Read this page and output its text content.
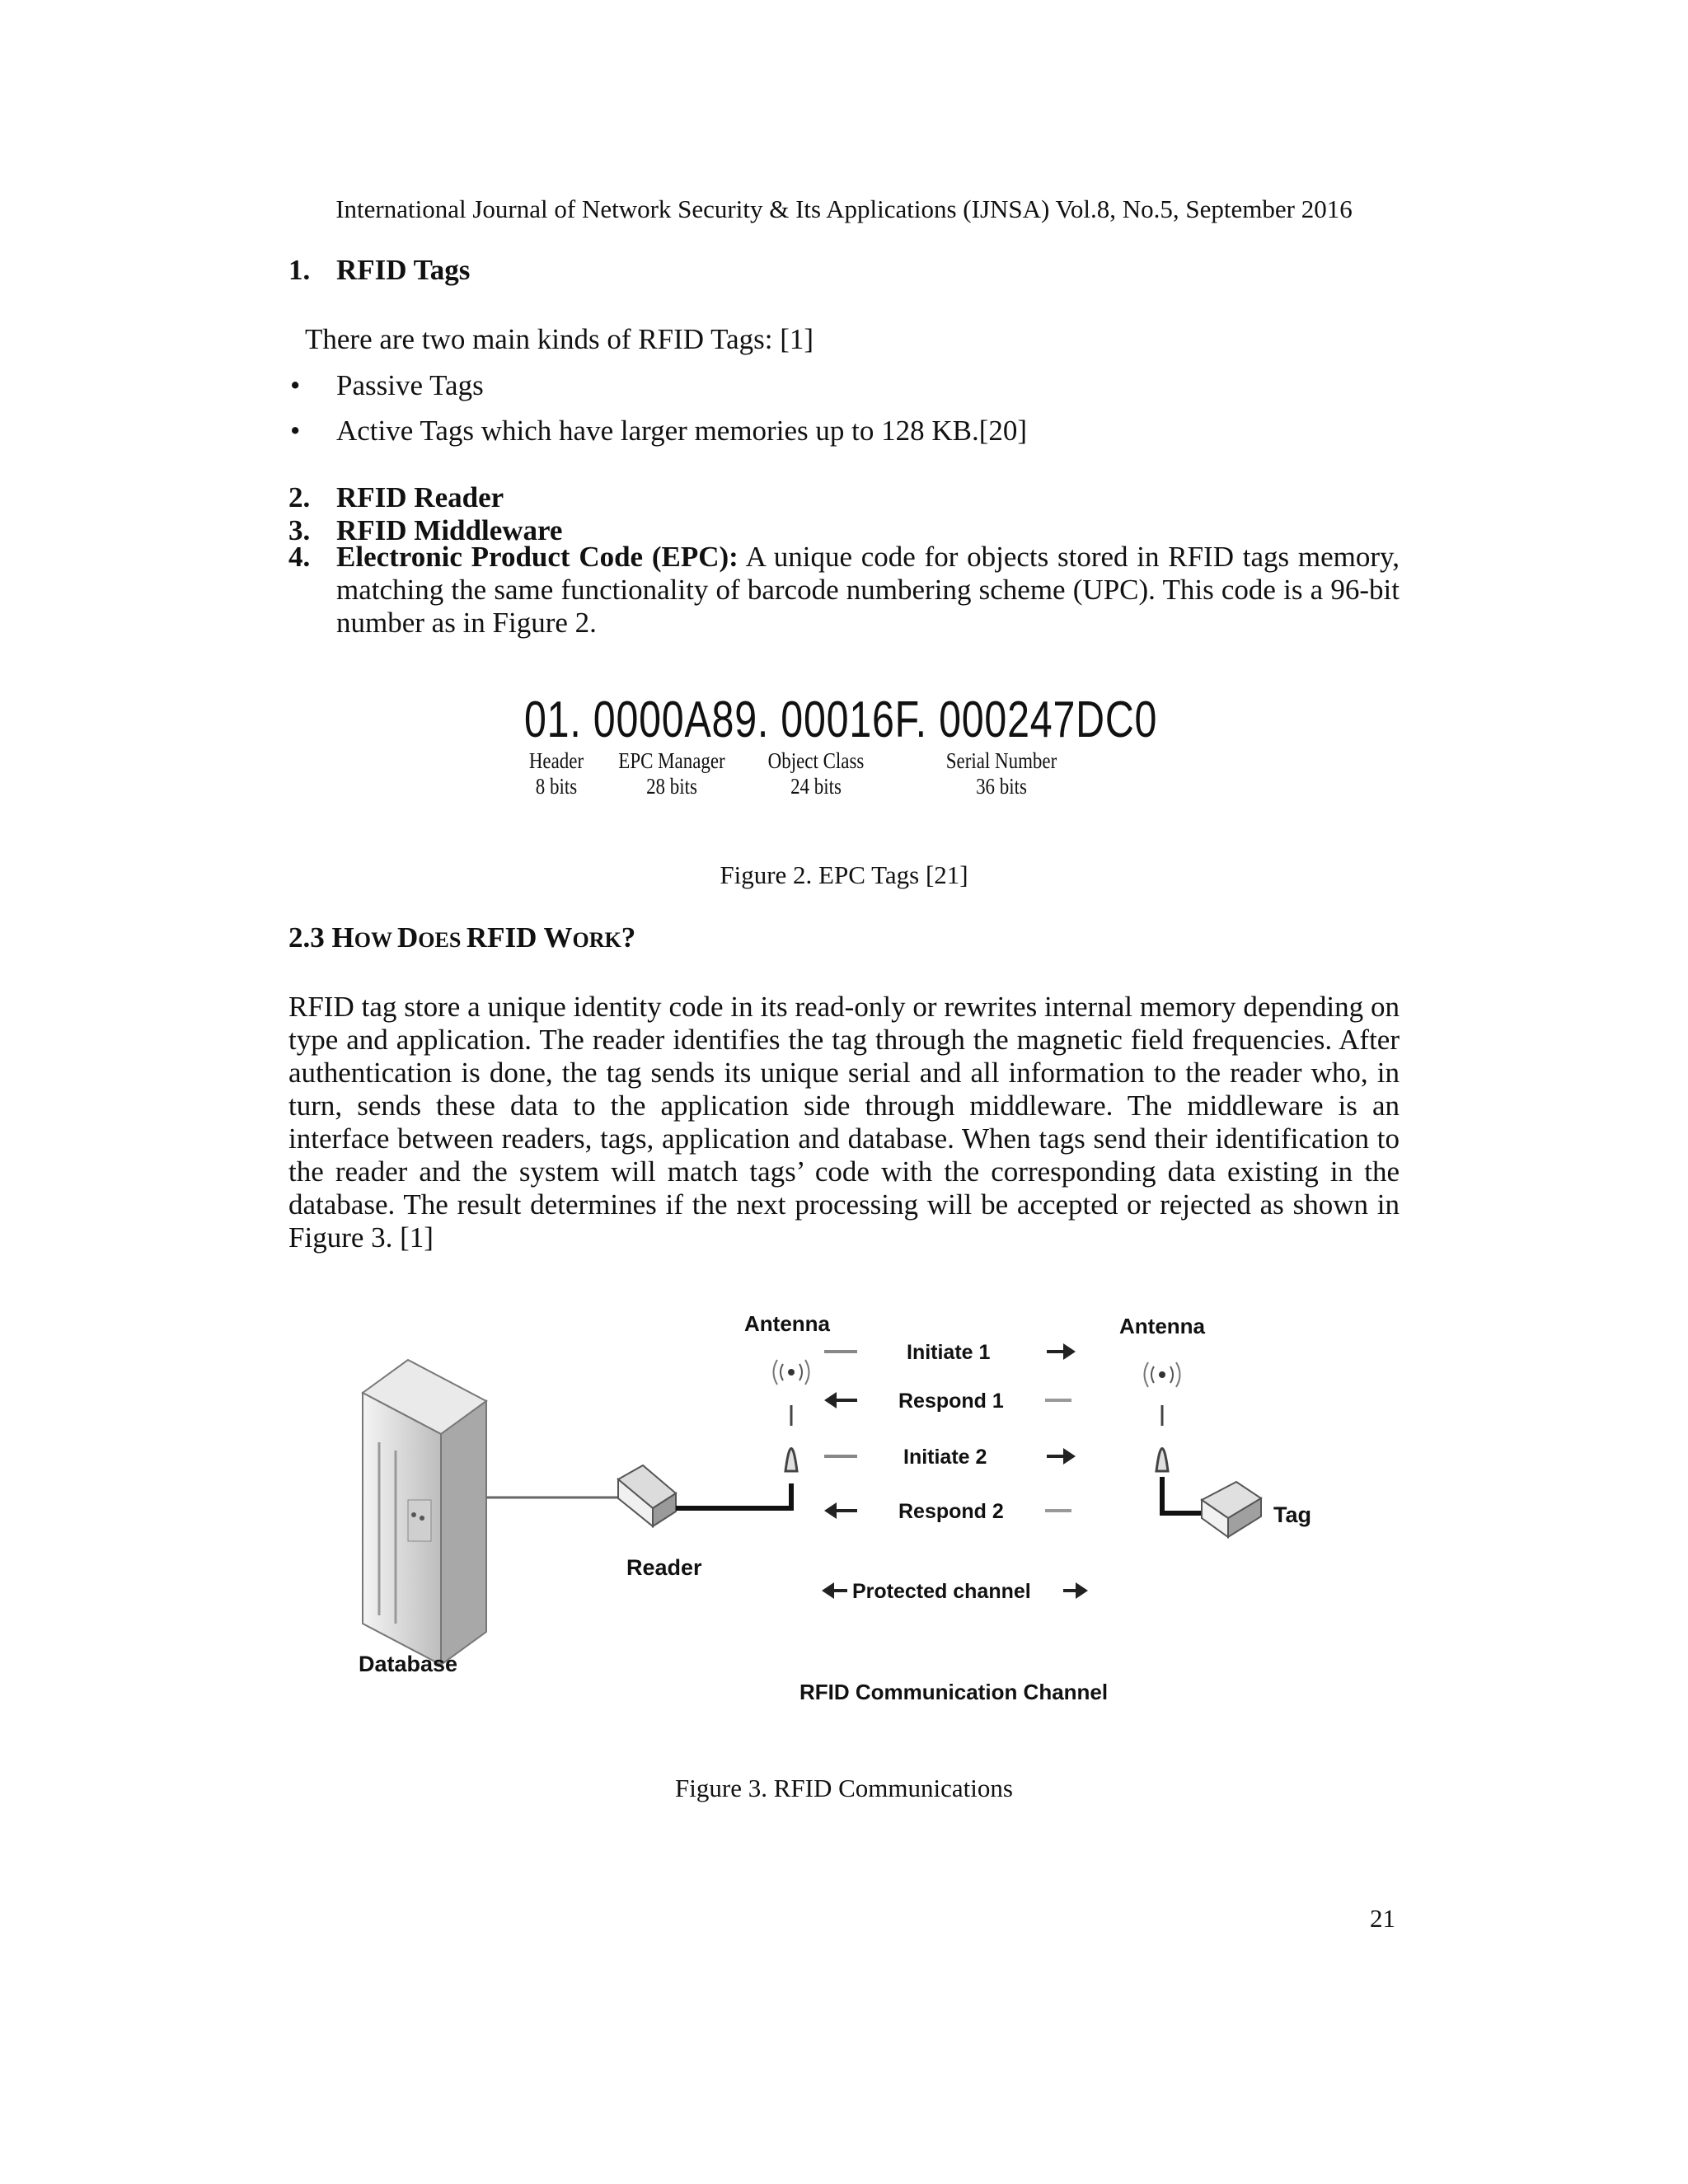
International Journal of Network Security & Its Applications (IJNSA) Vol.8, No.5, September 2016
1. RFID Tags
There are two main kinds of RFID Tags: [1]
• Passive Tags
• Active Tags which have larger memories up to 128 KB.[20]
2. RFID Reader
3. RFID Middleware
4. Electronic Product Code (EPC): A unique code for objects stored in RFID tags memory, matching the same functionality of barcode numbering scheme (UPC). This code is a 96-bit number as in Figure 2.
01. 0000A89. 00016F. 000247DC0
Header
8 bits
EPC Manager
28 bits
Object Class
24 bits
Serial Number
36 bits
Figure 2. EPC Tags [21]
2.3 HOW DOES RFID WORK?
RFID tag store a unique identity code in its read-only or rewrites internal memory depending on type and application. The reader identifies the tag through the magnetic field frequencies. After authentication is done, the tag sends its unique serial and all information to the reader who, in turn, sends these data to the application side through middleware. The middleware is an interface between readers, tags, application and database. When tags send their identification to the reader and the system will match tags’ code with the corresponding data existing in the database. The result determines if the next processing will be accepted or rejected as shown in Figure 3. [1]
Antenna	Antenna
Initiate 1
Respond 1
Initiate 2
Respond 2
Protected channel
Reader
Tag
Database
RFID Communication Channel
Figure 3. RFID Communications
21
